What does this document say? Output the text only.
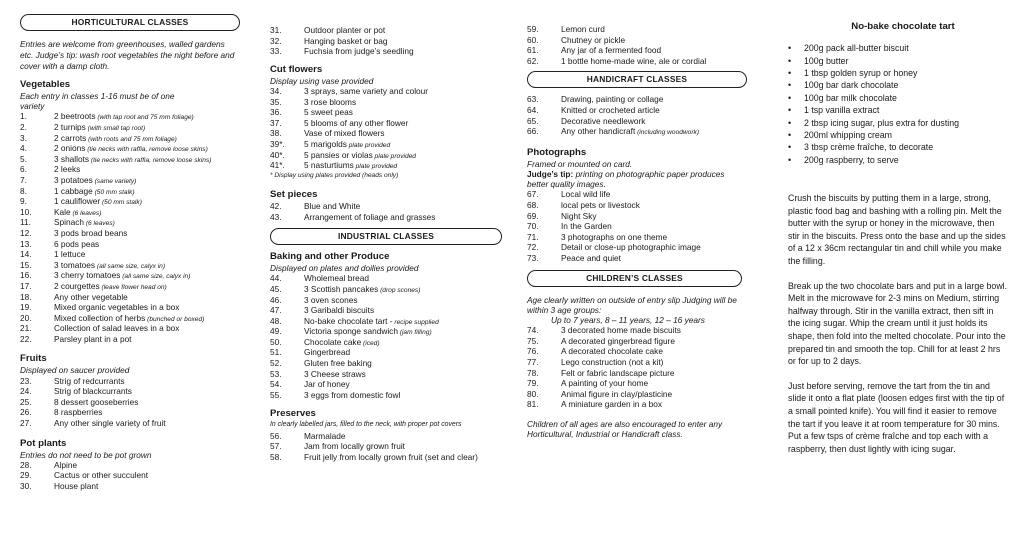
HORTICULTURAL CLASSES
Entries are welcome from greenhouses, walled gardens etc. Judge’s tip: wash root vegetables the night before and cover with a damp cloth.
Vegetables
Each entry in classes 1-16 must be of one variety
1.	2 beetroots (with tap root and 75 mm foliage)
2.	2 turnips (with small tap root)
3.	2 carrots (with roots and 75 mm foliage)
4.	2 onions (tie necks with raffia, remove loose skins)
5.	3 shallots (tie necks with raffia, remove loose skins)
6.	2 leeks
7.	3 potatoes (same variety)
8.	1 cabbage (50 mm stalk)
9.	1 cauliflower (50 mm stalk)
10.	Kale (6 leaves)
11.	Spinach (6 leaves)
12.	3 pods broad beans
13.	6 pods peas
14.	1 lettuce
15.	3 tomatoes (all same size, calyx in)
16.	3 cherry tomatoes (all same size, calyx in)
17.	2 courgettes (leave flower head on)
18.	Any other vegetable
19.	Mixed organic vegetables in a box
20.	Mixed collection of herbs (bunched or boxed)
21.	Collection of salad leaves in a box
22.	Parsley plant in a pot
Fruits
Displayed on saucer provided
23.	Strig of redcurrants
24.	Strig of blackcurrants
25.	8 dessert gooseberries
26.	8 raspberries
27.	Any other single variety of fruit
Pot plants
Entries do not need to be pot grown
28.	Alpine
29.	Cactus or other succulent
30.	House plant
31.	Outdoor planter or pot
32.	Hanging basket or bag
33.	Fuchsia from judge’s seedling
Cut flowers
Display using vase provided
34.	3 sprays, same variety and colour
35.	3 rose blooms
36.	5 sweet peas
37.	5 blooms of any other flower
38.	Vase of mixed flowers
39*.	5 marigolds plate provided
40*.	5 pansies or violas plate provided
41*.	5 nasturtiums plate provided
* Display using plates provided (heads only)
Set pieces
42.	Blue and White
43.	Arrangement of foliage and grasses
INDUSTRIAL CLASSES
Baking and other Produce
Displayed on plates and doilies provided
44.	Wholemeal bread
45.	3 Scottish pancakes (drop scones)
46.	3 oven scones
47.	3 Garibaldi biscuits
48.	No-bake chocolate tart - recipe supplied
49.	Victoria sponge sandwich (jam filling)
50.	Chocolate cake (iced)
51.	Gingerbread
52.	Gluten free baking
53.	3 Cheese straws
54.	Jar of honey
55.	3 eggs from domestic fowl
Preserves
In clearly labelled jars, filled to the neck, with proper pot covers
56.	Marmalade
57.	Jam from locally grown fruit
58.	Fruit jelly from locally grown fruit (set and clear)
59.	Lemon curd
60.	Chutney or pickle
61.	Any jar of a fermented food
62.	1 bottle home-made wine, ale or cordial
HANDICRAFT CLASSES
63.	Drawing, painting or collage
64.	Knitted or crocheted article
65.	Decorative needlework
66.	Any other handicraft (including woodwork)
Photographs
Framed or mounted on card.
Judge’s tip: printing on photographic paper produces better quality images.
67.	Local wild life
68.	local pets or livestock
69.	Night Sky
70.	In the Garden
71.	3 photographs on one theme
72.	Detail or close-up photographic image
73.	Peace and quiet
CHILDREN’S CLASSES
Age clearly written on outside of entry slip Judging will be within 3 age groups:
Up to 7 years, 8 – 11 years, 12 – 16 years
74.	3 decorated home made biscuits
75.	A decorated gingerbread figure
76.	A decorated chocolate cake
77.	Lego construction (not a kit)
78.	Felt or fabric landscape picture
79.	A painting of your home
80.	Animal figure in clay/plasticine
81.	A miniature garden in a box
Children of all ages are also encouraged to enter any Horticultural, Industrial or Handicraft class.
No-bake chocolate tart
•	200g pack all-butter biscuit
•	100g butter
•	1 tbsp golden syrup or honey
•	100g bar dark chocolate
•	100g bar milk chocolate
•	1 tsp vanilla extract
•	2 tbsp icing sugar, plus extra for dusting
•	200ml whipping cream
•	3 tbsp crème fraîche, to decorate
•	200g raspberry, to serve
Crush the biscuits by putting them in a large, strong, plastic food bag and bashing with a rolling pin. Melt the butter with the syrup or honey in the microwave, then stir in the biscuits. Press onto the base and up the sides of a 12 x 36cm rectangular tin and chill while you make the filling.
Break up the two chocolate bars and put in a large bowl. Melt in the microwave for 2-3 mins on Medium, stirring halfway through. Stir in the vanilla extract, then sift in the icing sugar. Whip the cream until it just holds its shape, then fold into the melted chocolate. Pour into the prepared tin and smooth the top. Chill for at least 2 hrs or for up to 2 days.
Just before serving, remove the tart from the tin and slide it onto a flat plate (loosen edges first with the tip of a small pointed knife). You will find it easier to remove the tart if you leave it at room temperature for 30 mins. Put a few tsps of crème fraîche and top each with a raspberry, then dust lightly with icing sugar.
